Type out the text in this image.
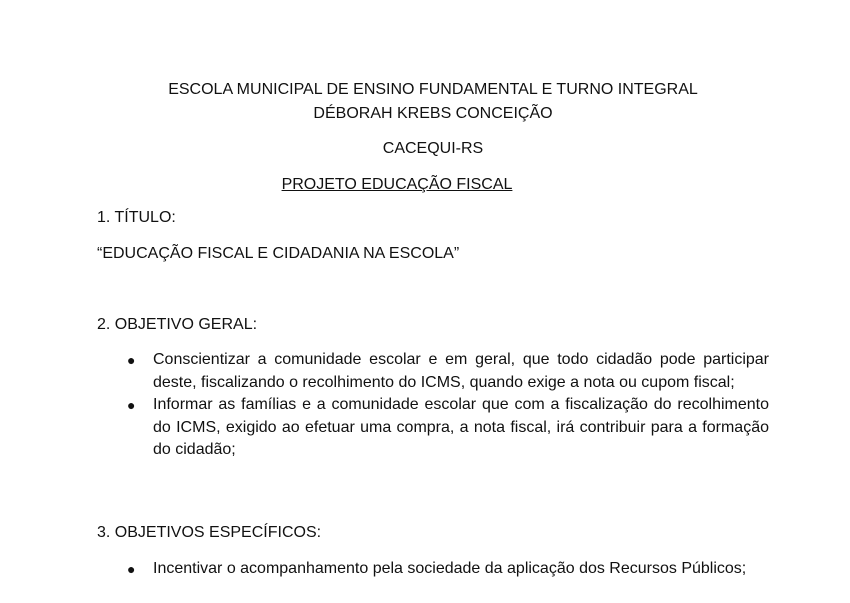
ESCOLA MUNICIPAL DE ENSINO FUNDAMENTAL E TURNO INTEGRAL
DÉBORAH KREBS CONCEIÇÃO
CACEQUI-RS
PROJETO EDUCAÇÃO FISCAL
1. TÍTULO:
“EDUCAÇÃO FISCAL E CIDADANIA NA ESCOLA”
2. OBJETIVO GERAL:
●	Conscientizar a comunidade escolar e em geral, que todo cidadão pode participar deste, fiscalizando o recolhimento do ICMS, quando exige a nota ou cupom fiscal;
●	Informar as famílias e a comunidade escolar que com a fiscalização do recolhimento do ICMS, exigido ao efetuar uma compra, a nota fiscal, irá contribuir para a formação do cidadão;
3. OBJETIVOS ESPECÍFICOS:
●	Incentivar o acompanhamento pela sociedade da aplicação dos Recursos Públicos;
